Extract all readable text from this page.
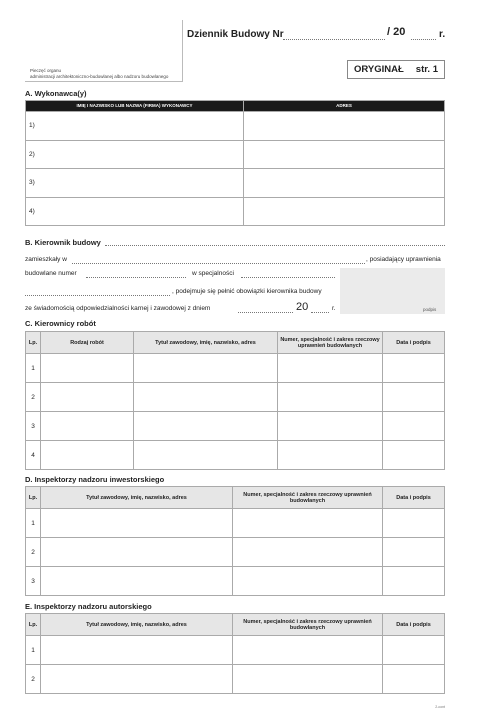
Pieczęć organu
administracji architektoniczno-budowlanej albo nadzoru budowlanego
Dziennik Budowy Nr	/ 20	r.
ORYGINAŁ str. 1
A. Wykonawca(y)
IMIĘ I NAZWISKO LUB NAZWA (FIRMA) WYKONAWCY	ADRES
1)	
2)	
3)	
4)	
B. Kierownik budowy
zamieszkały w	, posiadający uprawnienia
budowlane numer	w specjalności
, podejmuje się pełnić obowiązki kierownika budowy
ze świadomością odpowiedzialności karnej i zawodowej z dniem	20	r.	podpis
C. Kierownicy robót
Lp.	Rodzaj robót	Tytuł zawodowy, imię, nazwisko, adres	Numer, specjalność i zakres rzeczowy uprawnień budowlanych	Data i podpis
1				
2				
3				
4				
D. Inspektorzy nadzoru inwestorskiego
Lp.	Tytuł zawodowy, imię, nazwisko, adres	Numer, specjalność i zakres rzeczowy uprawnień budowlanych	Data i podpis
1			
2			
3			
E. Inspektorzy nadzoru autorskiego
Lp.	Tytuł zawodowy, imię, nazwisko, adres	Numer, specjalność i zakres rzeczowy uprawnień budowlanych	Data i podpis
1			
2			
2-cont
